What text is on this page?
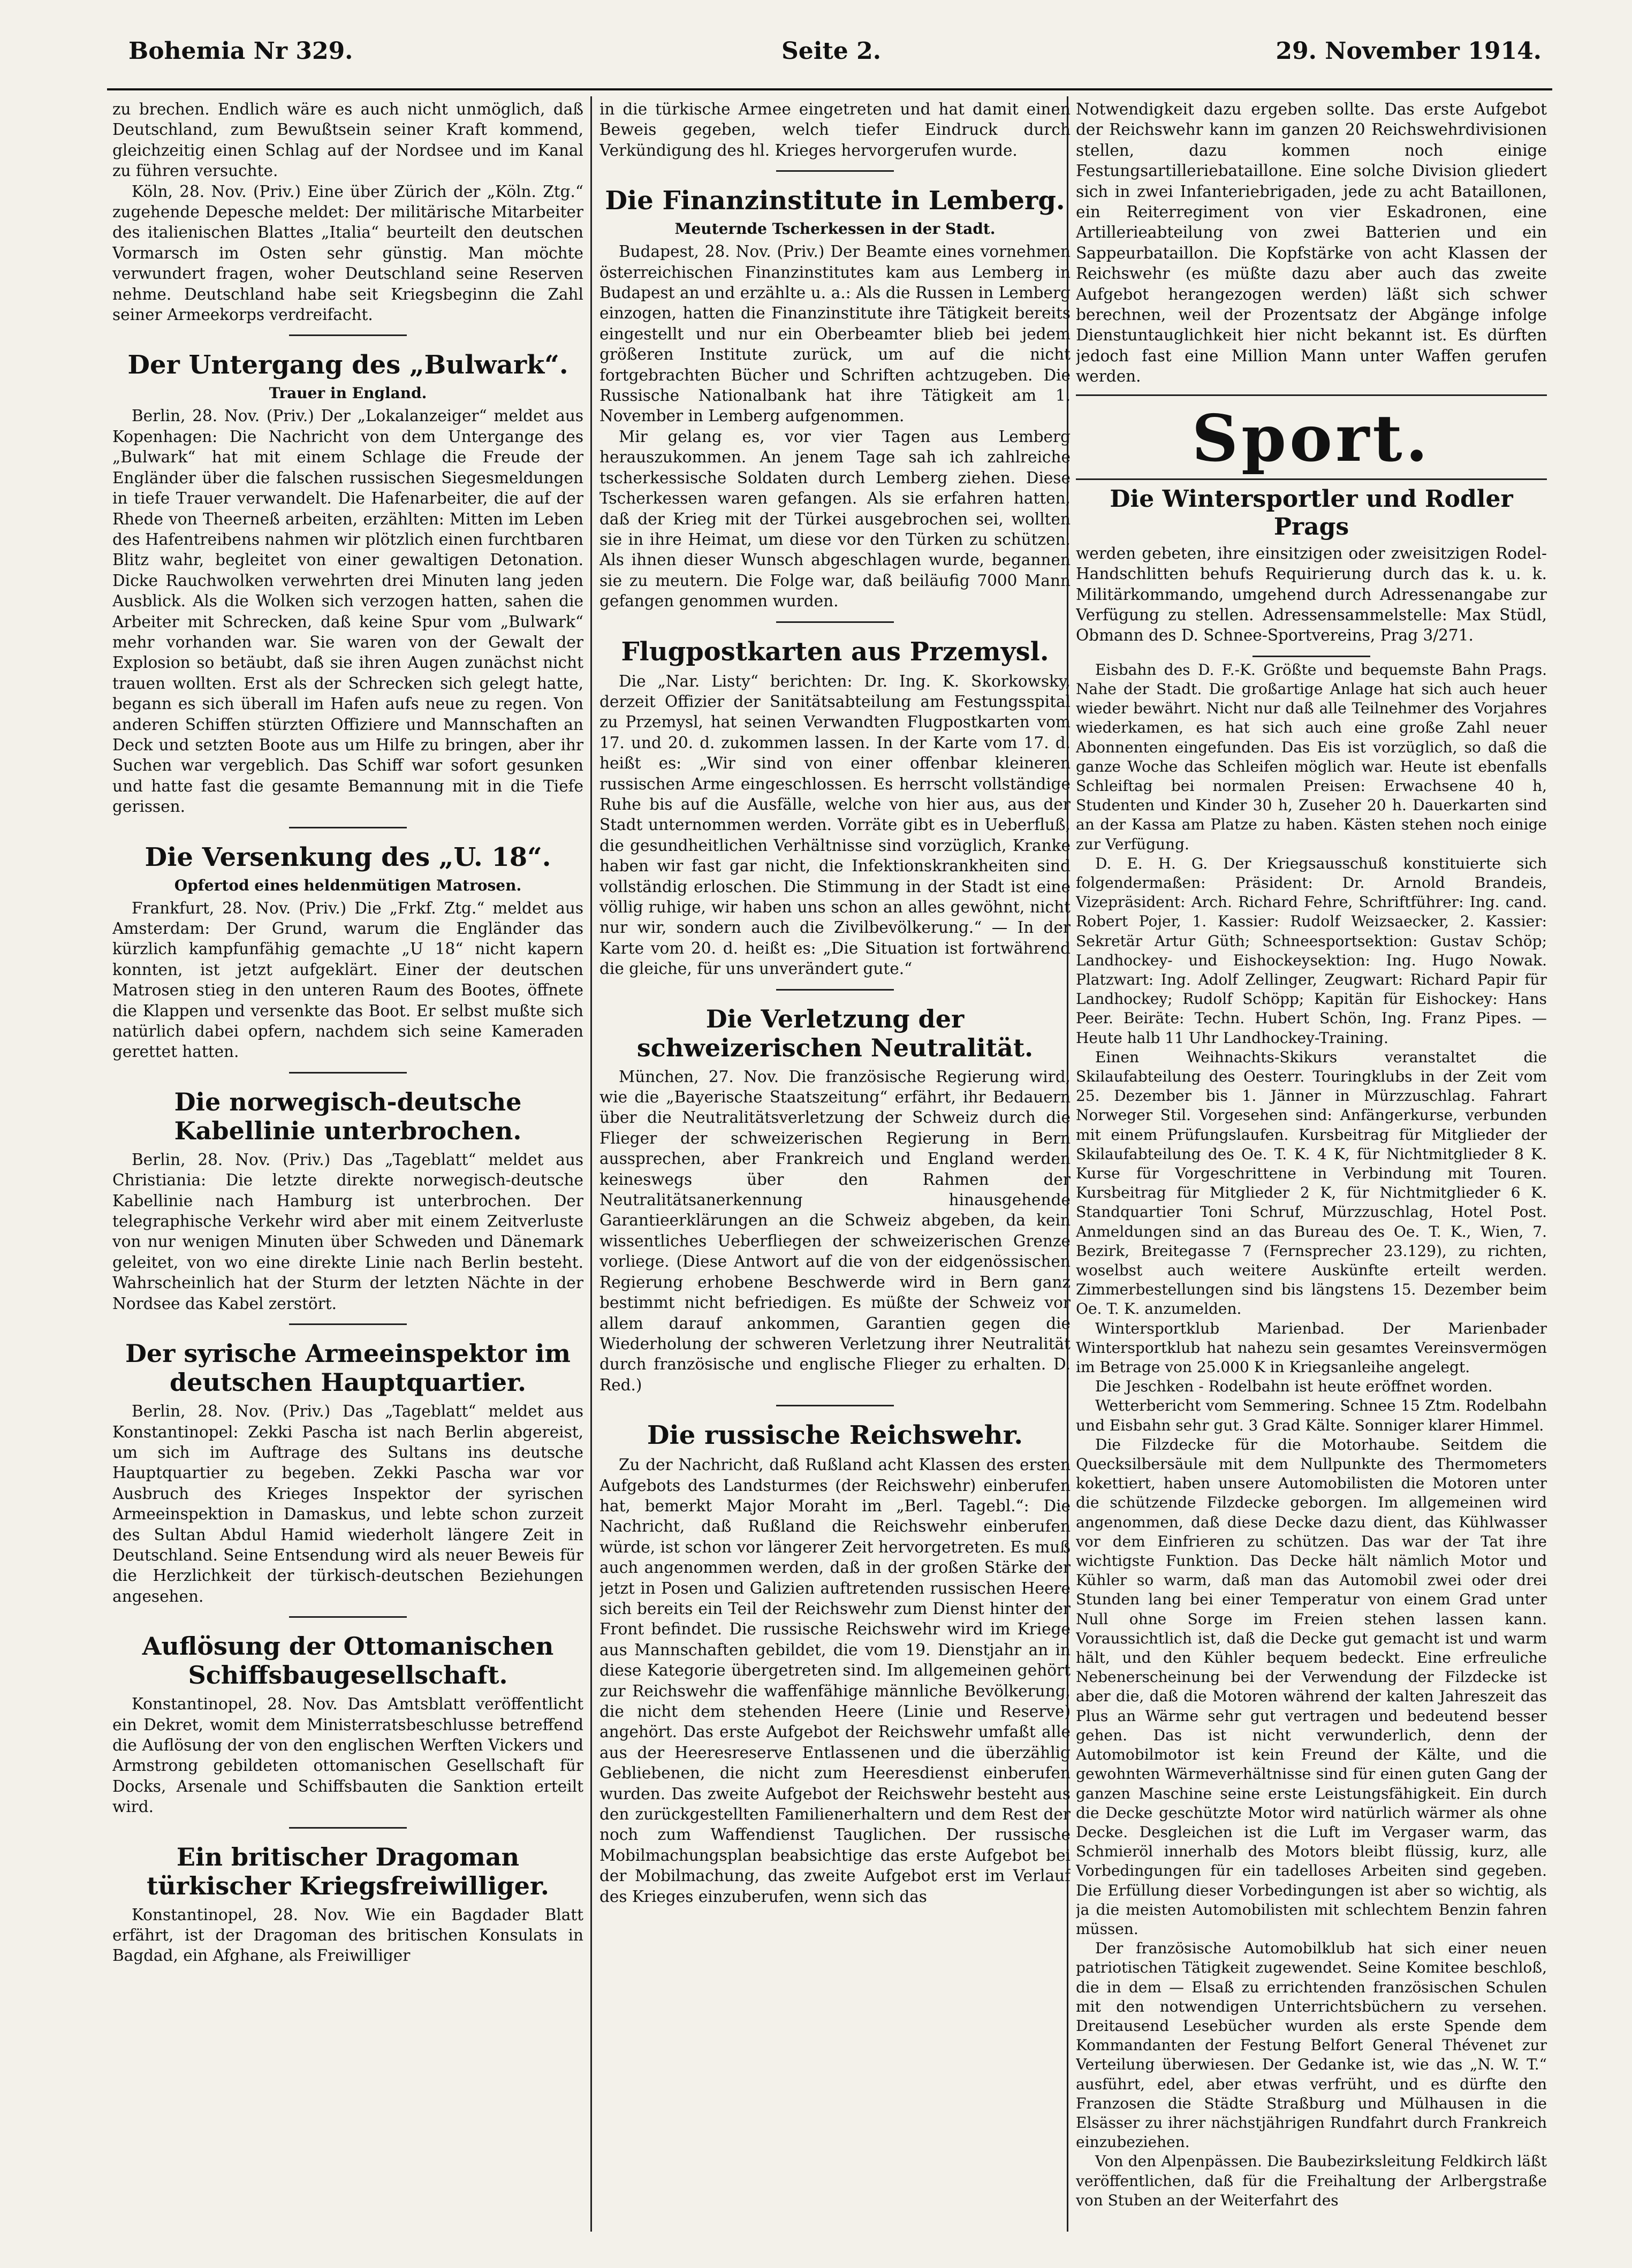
Bohemia Nr 329.	Seite 2.	29. November 1914.

zu brechen. Endlich wäre es auch nicht unmöglich, daß Deutschland, zum Bewußtsein seiner Kraft kommend, gleichzeitig einen Schlag auf der Nordsee und im Kanal zu führen versuchte.

Köln, 28. Nov. (Priv.) Eine über Zürich der „Köln. Ztg.“ zugehende Depesche meldet: Der militärische Mitarbeiter des italienischen Blattes „Italia“ beurteilt den deutschen Vormarsch im Osten sehr günstig. Man möchte verwundert fragen, woher Deutschland seine Reserven nehme. Deutschland habe seit Kriegsbeginn die Zahl seiner Armeekorps verdreifacht.

Der Untergang des „Bulwark“.
Trauer in England.

Berlin, 28. Nov. (Priv.) Der „Lokalanzeiger“ meldet aus Kopenhagen: Die Nachricht von dem Untergange des „Bulwark“ hat mit einem Schlage die Freude der Engländer über die falschen russischen Siegesmeldungen in tiefe Trauer verwandelt. Die Hafenarbeiter, die auf der Rhede von Theerneß arbeiten, erzählten: Mitten im Leben des Hafentreibens nahmen wir plötzlich einen furchtbaren Blitz wahr, begleitet von einer gewaltigen Detonation. Dicke Rauchwolken verwehrten drei Minuten lang jeden Ausblick. Als die Wolken sich verzogen hatten, sahen die Arbeiter mit Schrecken, daß keine Spur vom „Bulwark“ mehr vorhanden war. Sie waren von der Gewalt der Explosion so betäubt, daß sie ihren Augen zunächst nicht trauen wollten. Erst als der Schrecken sich gelegt hatte, begann es sich überall im Hafen aufs neue zu regen. Von anderen Schiffen stürzten Offiziere und Mannschaften an Deck und setzten Boote aus um Hilfe zu bringen, aber ihr Suchen war vergeblich. Das Schiff war sofort gesunken und hatte fast die gesamte Bemannung mit in die Tiefe gerissen.

Die Versenkung des „U. 18“.
Opfertod eines heldenmütigen Matrosen.

Frankfurt, 28. Nov. (Priv.) Die „Frkf. Ztg.“ meldet aus Amsterdam: Der Grund, warum die Engländer das kürzlich kampfunfähig gemachte „U 18“ nicht kapern konnten, ist jetzt aufgeklärt. Einer der deutschen Matrosen stieg in den unteren Raum des Bootes, öffnete die Klappen und versenkte das Boot. Er selbst mußte sich natürlich dabei opfern, nachdem sich seine Kameraden gerettet hatten.

Die norwegisch-deutsche Kabellinie unterbrochen.

Berlin, 28. Nov. (Priv.) Das „Tageblatt“ meldet aus Christiania: Die letzte direkte norwegisch-deutsche Kabellinie nach Hamburg ist unterbrochen. Der telegraphische Verkehr wird aber mit einem Zeitverluste von nur wenigen Minuten über Schweden und Dänemark geleitet, von wo eine direkte Linie nach Berlin besteht. Wahrscheinlich hat der Sturm der letzten Nächte in der Nordsee das Kabel zerstört.

Der syrische Armeeinspektor im deutschen Hauptquartier.

Berlin, 28. Nov. (Priv.) Das „Tageblatt“ meldet aus Konstantinopel: Zekki Pascha ist nach Berlin abgereist, um sich im Auftrage des Sultans ins deutsche Hauptquartier zu begeben. Zekki Pascha war vor Ausbruch des Krieges Inspektor der syrischen Armeeinspektion in Damaskus, und lebte schon zurzeit des Sultan Abdul Hamid wiederholt längere Zeit in Deutschland. Seine Entsendung wird als neuer Beweis für die Herzlichkeit der türkisch-deutschen Beziehungen angesehen.

Auflösung der Ottomanischen Schiffsbaugesellschaft.

Konstantinopel, 28. Nov. Das Amtsblatt veröffentlicht ein Dekret, womit dem Ministerratsbeschlusse betreffend die Auflösung der von den englischen Werften Vickers und Armstrong gebildeten ottomanischen Gesellschaft für Docks, Arsenale und Schiffsbauten die Sanktion erteilt wird.

Ein britischer Dragoman türkischer Kriegsfreiwilliger.

Konstantinopel, 28. Nov. Wie ein Bagdader Blatt erfährt, ist der Dragoman des britischen Konsulats in Bagdad, ein Afghane, als Freiwilliger

in die türkische Armee eingetreten und hat damit einen Beweis gegeben, welch tiefer Eindruck durch Verkündigung des hl. Krieges hervorgerufen wurde.

Die Finanzinstitute in Lemberg.
Meuternde Tscherkessen in der Stadt.

Budapest, 28. Nov. (Priv.) Der Beamte eines vornehmen österreichischen Finanzinstitutes kam aus Lemberg in Budapest an und erzählte u. a.: Als die Russen in Lemberg einzogen, hatten die Finanzinstitute ihre Tätigkeit bereits eingestellt und nur ein Oberbeamter blieb bei jedem größeren Institute zurück, um auf die nicht fortgebrachten Bücher und Schriften achtzugeben. Die Russische Nationalbank hat ihre Tätigkeit am 1. November in Lemberg aufgenommen.

Mir gelang es, vor vier Tagen aus Lemberg herauszukommen. An jenem Tage sah ich zahlreiche tscherkessische Soldaten durch Lemberg ziehen. Diese Tscherkessen waren gefangen. Als sie erfahren hatten, daß der Krieg mit der Türkei ausgebrochen sei, wollten sie in ihre Heimat, um diese vor den Türken zu schützen. Als ihnen dieser Wunsch abgeschlagen wurde, begannen sie zu meutern. Die Folge war, daß beiläufig 7000 Mann gefangen genommen wurden.

Flugpostkarten aus Przemysl.

Die „Nar. Listy“ berichten: Dr. Ing. K. Skorkowsky, derzeit Offizier der Sanitätsabteilung am Festungsspital zu Przemysl, hat seinen Verwandten Flugpostkarten vom 17. und 20. d. zukommen lassen. In der Karte vom 17. d. heißt es: „Wir sind von einer offenbar kleineren russischen Arme eingeschlossen. Es herrscht vollständige Ruhe bis auf die Ausfälle, welche von hier aus, aus der Stadt unternommen werden. Vorräte gibt es in Ueberfluß, die gesundheitlichen Verhältnisse sind vorzüglich, Kranke haben wir fast gar nicht, die Infektionskrankheiten sind vollständig erloschen. Die Stimmung in der Stadt ist eine völlig ruhige, wir haben uns schon an alles gewöhnt, nicht nur wir, sondern auch die Zivilbevölkerung.“ — In der Karte vom 20. d. heißt es: „Die Situation ist fortwährend die gleiche, für uns unverändert gute.“

Die Verletzung der schweizerischen Neutralität.

München, 27. Nov. Die französische Regierung wird, wie die „Bayerische Staatszeitung“ erfährt, ihr Bedauern über die Neutralitätsverletzung der Schweiz durch die Flieger der schweizerischen Regierung in Bern aussprechen, aber Frankreich und England werden keineswegs über den Rahmen der Neutralitätsanerkennung hinausgehende Garantieerklärungen an die Schweiz abgeben, da kein wissentliches Ueberfliegen der schweizerischen Grenze vorliege. (Diese Antwort auf die von der eidgenössischen Regierung erhobene Beschwerde wird in Bern ganz bestimmt nicht befriedigen. Es müßte der Schweiz vor allem darauf ankommen, Garantien gegen die Wiederholung der schweren Verletzung ihrer Neutralität durch französische und englische Flieger zu erhalten. D. Red.)

Die russische Reichswehr.

Zu der Nachricht, daß Rußland acht Klassen des ersten Aufgebots des Landsturmes (der Reichswehr) einberufen hat, bemerkt Major Moraht im „Berl. Tagebl.“: Die Nachricht, daß Rußland die Reichswehr einberufen würde, ist schon vor längerer Zeit hervorgetreten. Es muß auch angenommen werden, daß in der großen Stärke der jetzt in Posen und Galizien auftretenden russischen Heere sich bereits ein Teil der Reichswehr zum Dienst hinter der Front befindet. Die russische Reichswehr wird im Kriege aus Mannschaften gebildet, die vom 19. Dienstjahr an in diese Kategorie übergetreten sind. Im allgemeinen gehört zur Reichswehr die waffenfähige männliche Bevölkerung, die nicht dem stehenden Heere (Linie und Reserve) angehört. Das erste Aufgebot der Reichswehr umfaßt alle aus der Heeresreserve Entlassenen und die überzählig Gebliebenen, die nicht zum Heeresdienst einberufen wurden. Das zweite Aufgebot der Reichswehr besteht aus den zurückgestellten Familienerhaltern und dem Rest der noch zum Waffendienst Tauglichen. Der russische Mobilmachungsplan beabsichtige das erste Aufgebot bei der Mobilmachung, das zweite Aufgebot erst im Verlauf des Krieges einzuberufen, wenn sich das

Notwendigkeit dazu ergeben sollte. Das erste Aufgebot der Reichswehr kann im ganzen 20 Reichswehrdivisionen stellen, dazu kommen noch einige Festungsartilleriebataillone. Eine solche Division gliedert sich in zwei Infanteriebrigaden, jede zu acht Bataillonen, ein Reiterregiment von vier Eskadronen, eine Artillerieabteilung von zwei Batterien und ein Sappeurbataillon. Die Kopfstärke von acht Klassen der Reichswehr (es müßte dazu aber auch das zweite Aufgebot herangezogen werden) läßt sich schwer berechnen, weil der Prozentsatz der Abgänge infolge Dienstuntauglichkeit hier nicht bekannt ist. Es dürften jedoch fast eine Million Mann unter Waffen gerufen werden.

Sport.
Die Wintersportler und Rodler Prags

werden gebeten, ihre einsitzigen oder zweisitzigen Rodel-Handschlitten behufs Requirierung durch das k. u. k. Militärkommando, umgehend durch Adressenangabe zur Verfügung zu stellen. Adressensammelstelle: Max Stüdl, Obmann des D. Schnee-Sportvereins, Prag 3/271.

Eisbahn des D. F.-K. Größte und bequemste Bahn Prags. Nahe der Stadt. Die großartige Anlage hat sich auch heuer wieder bewährt. Nicht nur daß alle Teilnehmer des Vorjahres wiederkamen, es hat sich auch eine große Zahl neuer Abonnenten eingefunden. Das Eis ist vorzüglich, so daß die ganze Woche das Schleifen möglich war. Heute ist ebenfalls Schleiftag bei normalen Preisen: Erwachsene 40 h, Studenten und Kinder 30 h, Zuseher 20 h. Dauerkarten sind an der Kassa am Platze zu haben. Kästen stehen noch einige zur Verfügung.

D. E. H. G. Der Kriegsausschuß konstituierte sich folgendermaßen: Präsident: Dr. Arnold Brandeis, Vizepräsident: Arch. Richard Fehre, Schriftführer: Ing. cand. Robert Pojer, 1. Kassier: Rudolf Weizsaecker, 2. Kassier: Sekretär Artur Güth; Schneesportsektion: Gustav Schöp; Landhockey- und Eishockeysektion: Ing. Hugo Nowak. Platzwart: Ing. Adolf Zellinger, Zeugwart: Richard Papir für Landhockey; Rudolf Schöpp; Kapitän für Eishockey: Hans Peer. Beiräte: Techn. Hubert Schön, Ing. Franz Pipes. — Heute halb 11 Uhr Landhockey-Training.

Einen Weihnachts-Skikurs veranstaltet die Skilaufabteilung des Oesterr. Touringklubs in der Zeit vom 25. Dezember bis 1. Jänner in Mürzzuschlag. Fahrart Norweger Stil. Vorgesehen sind: Anfängerkurse, verbunden mit einem Prüfungslaufen. Kursbeitrag für Mitglieder der Skilaufabteilung des Oe. T. K. 4 K, für Nichtmitglieder 8 K. Kurse für Vorgeschrittene in Verbindung mit Touren. Kursbeitrag für Mitglieder 2 K, für Nichtmitglieder 6 K. Standquartier Toni Schruf, Mürzzuschlag, Hotel Post. Anmeldungen sind an das Bureau des Oe. T. K., Wien, 7. Bezirk, Breitegasse 7 (Fernsprecher 23.129), zu richten, woselbst auch weitere Auskünfte erteilt werden. Zimmerbestellungen sind bis längstens 15. Dezember beim Oe. T. K. anzumelden.

Wintersportklub Marienbad. Der Marienbader Wintersportklub hat nahezu sein gesamtes Vereinsvermögen im Betrage von 25.000 K in Kriegsanleihe angelegt.

Die Jeschken - Rodelbahn ist heute eröffnet worden.

Wetterbericht vom Semmering. Schnee 15 Ztm. Rodelbahn und Eisbahn sehr gut. 3 Grad Kälte. Sonniger klarer Himmel.

Die Filzdecke für die Motorhaube. Seitdem die Quecksilbersäule mit dem Nullpunkte des Thermometers kokettiert, haben unsere Automobilisten die Motoren unter die schützende Filzdecke geborgen. Im allgemeinen wird angenommen, daß diese Decke dazu dient, das Kühlwasser vor dem Einfrieren zu schützen. Das war der Tat ihre wichtigste Funktion. Das Decke hält nämlich Motor und Kühler so warm, daß man das Automobil zwei oder drei Stunden lang bei einer Temperatur von einem Grad unter Null ohne Sorge im Freien stehen lassen kann. Voraussichtlich ist, daß die Decke gut gemacht ist und warm hält, und den Kühler bequem bedeckt. Eine erfreuliche Nebenerscheinung bei der Verwendung der Filzdecke ist aber die, daß die Motoren während der kalten Jahreszeit das Plus an Wärme sehr gut vertragen und bedeutend besser gehen. Das ist nicht verwunderlich, denn der Automobilmotor ist kein Freund der Kälte, und die gewohnten Wärmeverhältnisse sind für einen guten Gang der ganzen Maschine seine erste Leistungsfähigkeit. Ein durch die Decke geschützte Motor wird natürlich wärmer als ohne Decke. Desgleichen ist die Luft im Vergaser warm, das Schmieröl innerhalb des Motors bleibt flüssig, kurz, alle Vorbedingungen für ein tadelloses Arbeiten sind gegeben. Die Erfüllung dieser Vorbedingungen ist aber so wichtig, als ja die meisten Automobilisten mit schlechtem Benzin fahren müssen.

Der französische Automobilklub hat sich einer neuen patriotischen Tätigkeit zugewendet. Seine Komitee beschloß, die in dem — Elsaß zu errichtenden französischen Schulen mit den notwendigen Unterrichtsbüchern zu versehen. Dreitausend Lesebücher wurden als erste Spende dem Kommandanten der Festung Belfort General Thévenet zur Verteilung überwiesen. Der Gedanke ist, wie das „N. W. T.“ ausführt, edel, aber etwas verfrüht, und es dürfte den Franzosen die Städte Straßburg und Mülhausen in die Elsässer zu ihrer nächstjährigen Rundfahrt durch Frankreich einzubeziehen.

Von den Alpenpässen. Die Baubezirksleitung Feldkirch läßt veröffentlichen, daß für die Freihaltung der Arlbergstraße von Stuben an der Weiterfahrt des
